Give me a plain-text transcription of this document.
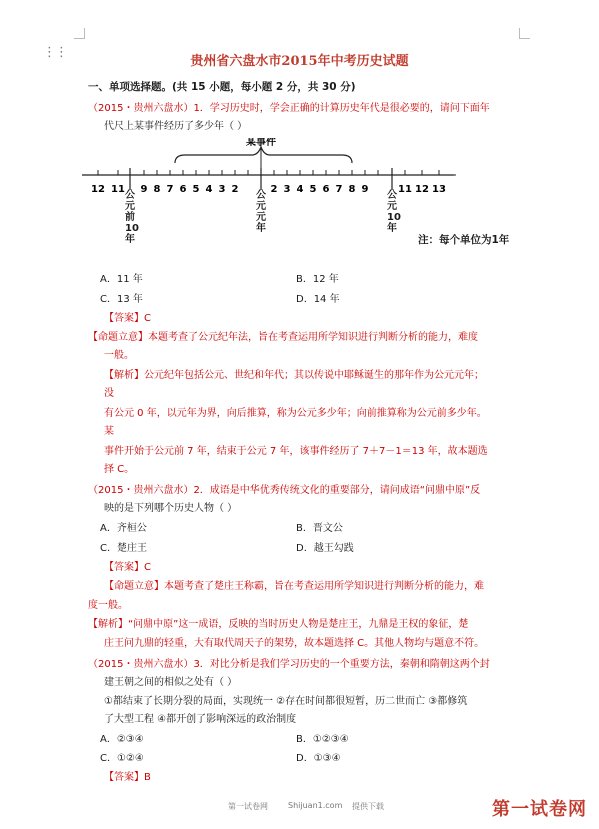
⋮⋮
贵州省六盘水市2015年中考历史试题
一、单项选择题。(共 15 小题，每小题 2 分，共 30 分)
（2015・贵州六盘水）1．学习历史时，学会正确的计算历史年代是很必要的，请问下面年
代尺上某事件经历了多少年（ ）
某事件
12 11 9 8 7 6 5 4 3 2	2 3 4 5 6 7 8 9	11 12 13
公元前10年
公元元年
公元10年
注：每个单位为1年
A．11 年	B．12 年
C．13 年	D．14 年
【答案】C
【命题立意】本题考查了公元纪年法，旨在考查运用所学知识进行判断分析的能力，难度
一般。
【解析】公元纪年包括公元、世纪和年代；其以传说中耶稣诞生的那年作为公元元年；
没
有公元 0 年，以元年为界，向后推算，称为公元多少年；向前推算称为公元前多少年。
某
事件开始于公元前 7 年，结束于公元 7 年，该事件经历了 7＋7－1＝13 年，故本题选
择 C。
（2015・贵州六盘水）2．成语是中华优秀传统文化的重要部分，请问成语“问鼎中原”反
映的是下列哪个历史人物（ ）
A．齐桓公	B．晋文公
C．楚庄王	D．越王勾践
【答案】C
【命题立意】本题考查了楚庄王称霸，旨在考查运用所学知识进行判断分析的能力，难
度一般。
【解析】“问鼎中原”这一成语，反映的当时历史人物是楚庄王，九鼎是王权的象征，楚
庄王问九鼎的轻重，大有取代周天子的架势，故本题选择 C。其他人物均与题意不符。
（2015・贵州六盘水）3．对比分析是我们学习历史的一个重要方法，秦朝和隋朝这两个封
建王朝之间的相似之处有（ ）
①都结束了长期分裂的局面，实现统一 ②存在时间都很短暂，历二世而亡 ③都修筑
了大型工程 ④都开创了影响深远的政治制度
A．②③④	B．①②③④
C．①②④	D．①③④
【答案】B
第一试卷网	Shijuan1.com 提供下载	第一试卷网
